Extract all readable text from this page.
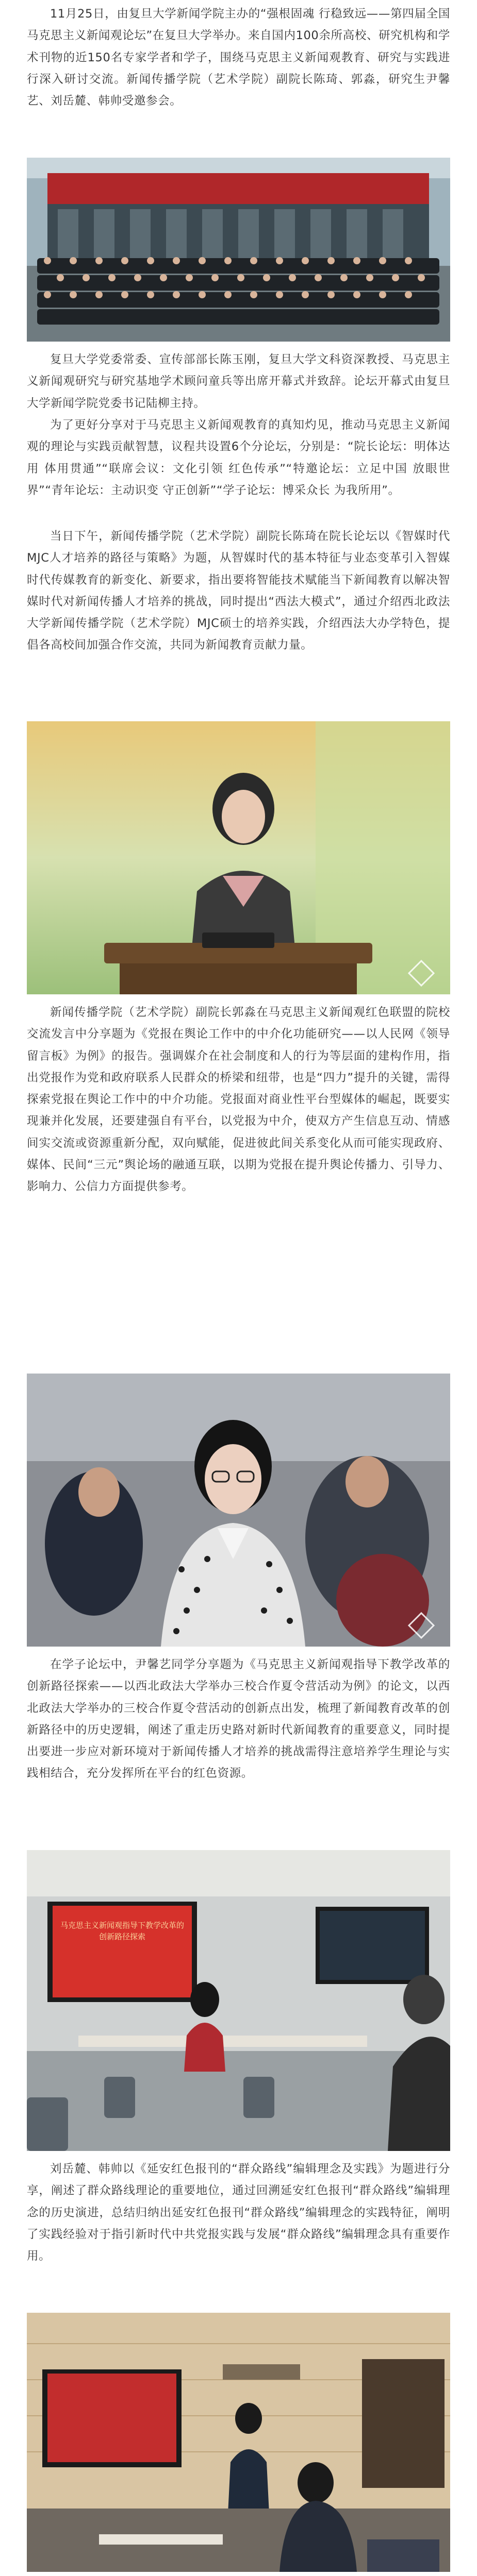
11月25日，由复旦大学新闻学院主办的“强根固魂 行稳致远——第四届全国马克思主义新闻观论坛”在复旦大学举办。来自国内100余所高校、研究机构和学术刊物的近150名专家学者和学子，围绕马克思主义新闻观教育、研究与实践进行深入研讨交流。新闻传播学院（艺术学院）副院长陈琦、郭淼，研究生尹馨艺、刘岳麓、韩帅受邀参会。

复旦大学党委常委、宣传部部长陈玉刚，复旦大学文科资深教授、马克思主义新闻观研究与研究基地学术顾问童兵等出席开幕式并致辞。论坛开幕式由复旦大学新闻学院党委书记陆柳主持。

为了更好分享对于马克思主义新闻观教育的真知灼见，推动马克思主义新闻观的理论与实践贡献智慧，议程共设置6个分论坛，分别是：“院长论坛：明体达用 体用贯通”“联席会议：文化引领 红色传承”“特邀论坛：立足中国 放眼世界”“青年论坛：主动识变 守正创新”“学子论坛：博采众长 为我所用”。

当日下午，新闻传播学院（艺术学院）副院长陈琦在院长论坛以《智媒时代MJC人才培养的路径与策略》为题，从智媒时代的基本特征与业态变革引入智媒时代传媒教育的新变化、新要求，指出要将智能技术赋能当下新闻教育以解决智媒时代对新闻传播人才培养的挑战，同时提出“西法大模式”，通过介绍西北政法大学新闻传播学院（艺术学院）MJC硕士的培养实践，介绍西法大办学特色，提倡各高校间加强合作交流，共同为新闻教育贡献力量。

新闻传播学院（艺术学院）副院长郭淼在马克思主义新闻观红色联盟的院校交流发言中分享题为《党报在舆论工作中的中介化功能研究——以人民网《领导留言板》为例》的报告。强调媒介在社会制度和人的行为等层面的建构作用，指出党报作为党和政府联系人民群众的桥梁和纽带，也是“四力”提升的关键，需得探索党报在舆论工作中的中介功能。党报面对商业性平台型媒体的崛起，既要实现兼并化发展，还要建强自有平台，以党报为中介，使双方产生信息互动、情感间实交流或资源重新分配，双向赋能，促进彼此间关系变化从而可能实现政府、媒体、民间“三元”舆论场的融通互联，以期为党报在提升舆论传播力、引导力、影响力、公信力方面提供参考。

在学子论坛中，尹馨艺同学分享题为《马克思主义新闻观指导下教学改革的创新路径探索——以西北政法大学举办三校合作夏令营活动为例》的论文，以西北政法大学举办的三校合作夏令营活动的创新点出发，梳理了新闻教育改革的创新路径中的历史逻辑，阐述了重走历史路对新时代新闻教育的重要意义，同时提出要进一步应对新环境对于新闻传播人才培养的挑战需得注意培养学生理论与实践相结合，充分发挥所在平台的红色资源。

马克思主义新闻观指导下教学改革的创新路径探索

刘岳麓、韩帅以《延安红色报刊的“群众路线”编辑理念及实践》为题进行分享，阐述了群众路线理论的重要地位，通过回溯延安红色报刊“群众路线”编辑理念的历史演进，总结归纳出延安红色报刊“群众路线”编辑理念的实践特征，阐明了实践经验对于指引新时代中共党报实践与发展“群众路线”编辑理念具有重要作用。
